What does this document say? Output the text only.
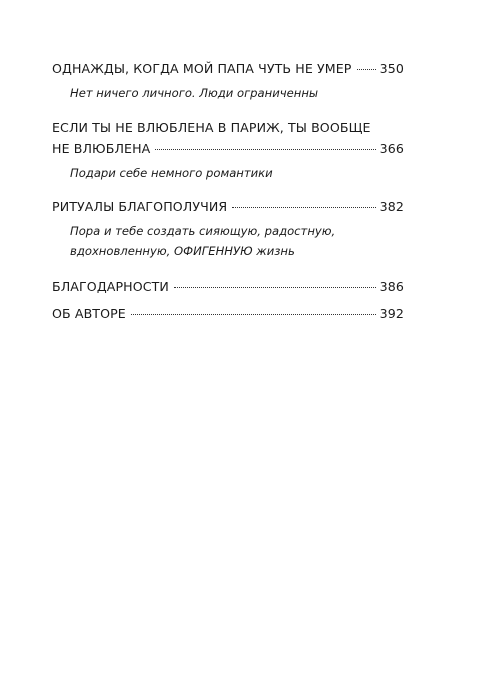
ОДНАЖДЫ, КОГДА МОЙ ПАПА ЧУТЬ НЕ УМЕР 350
Нет ничего личного. Люди ограниченны
ЕСЛИ ТЫ НЕ ВЛЮБЛЕНА В ПАРИЖ, ТЫ ВООБЩЕ
НЕ ВЛЮБЛЕНА	366
Подари себе немного романтики
РИТУАЛЫ БЛАГОПОЛУЧИЯ	382
Пора и тебе создать сияющую, радостную, вдохновленную, ОФИГЕННУЮ жизнь
БЛАГОДАРНОСТИ	386
ОБ АВТОРЕ	392
